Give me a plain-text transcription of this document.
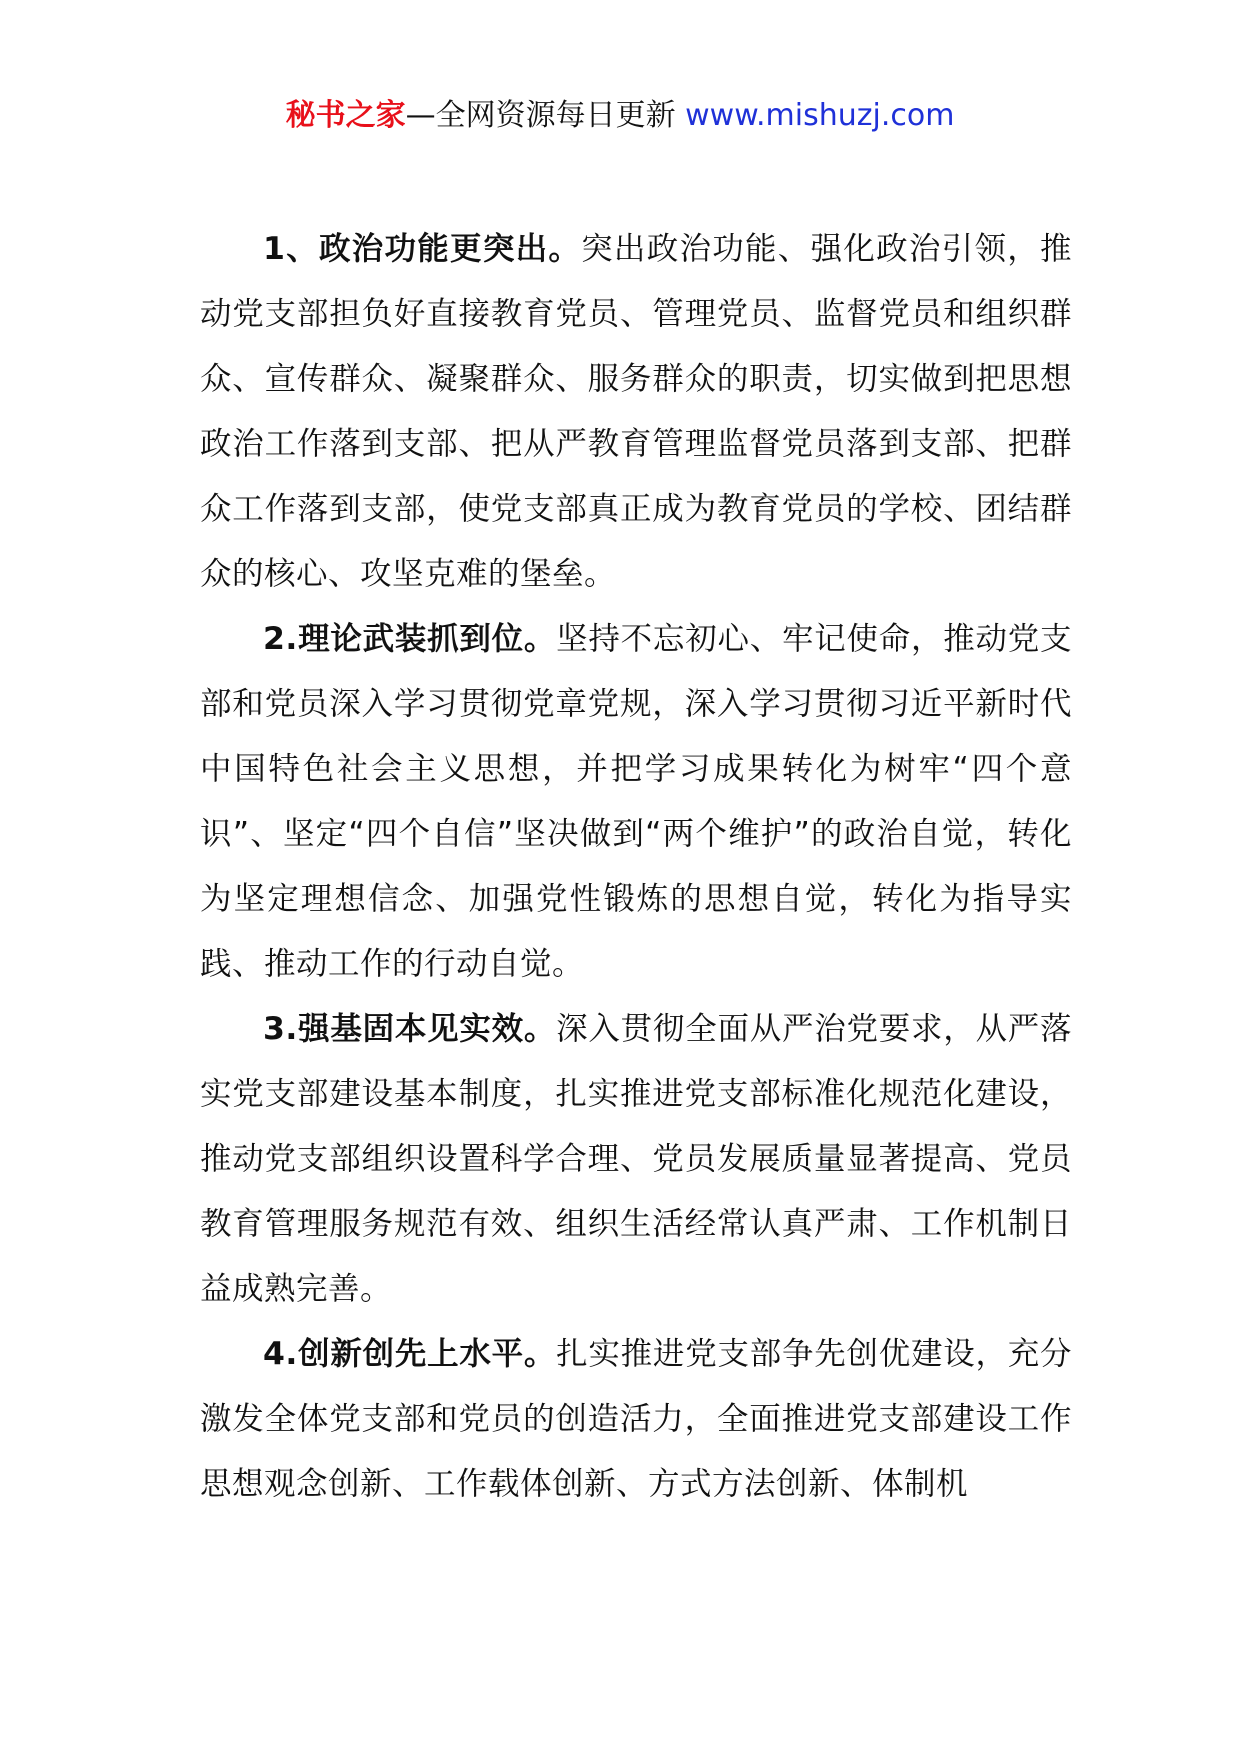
秘书之家—全网资源每日更新 www.mishuzj.com

1、政治功能更突出。突出政治功能、强化政治引领，推动党支部担负好直接教育党员、管理党员、监督党员和组织群众、宣传群众、凝聚群众、服务群众的职责，切实做到把思想政治工作落到支部、把从严教育管理监督党员落到支部、把群众工作落到支部，使党支部真正成为教育党员的学校、团结群众的核心、攻坚克难的堡垒。

2.理论武装抓到位。坚持不忘初心、牢记使命，推动党支部和党员深入学习贯彻党章党规，深入学习贯彻习近平新时代中国特色社会主义思想，并把学习成果转化为树牢“四个意识”、坚定“四个自信”坚决做到“两个维护”的政治自觉，转化为坚定理想信念、加强党性锻炼的思想自觉，转化为指导实践、推动工作的行动自觉。

3.强基固本见实效。深入贯彻全面从严治党要求，从严落实党支部建设基本制度，扎实推进党支部标准化规范化建设，推动党支部组织设置科学合理、党员发展质量显著提高、党员教育管理服务规范有效、组织生活经常认真严肃、工作机制日益成熟完善。

4.创新创先上水平。扎实推进党支部争先创优建设，充分激发全体党支部和党员的创造活力，全面推进党支部建设工作思想观念创新、工作载体创新、方式方法创新、体制机
